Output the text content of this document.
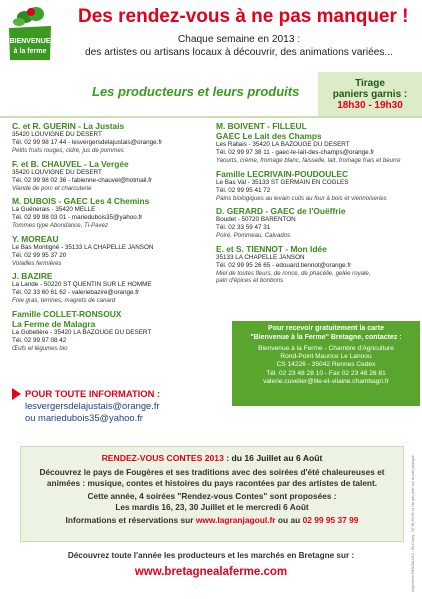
BIENVENUE
à la ferme
Des rendez-vous à ne pas manquer !
Chaque semaine en 2013 :
des artistes ou artisans locaux à découvrir, des animations variées...
Les producteurs et leurs produits
Tirage
paniers garnis :
18h30 - 19h30
C. et R. GUERIN - La Justais
35420 LOUVIGNE DU DESERT
Tél. 02 99 98 17 44 - lesvergersdelajustais@orange.fr
Petits fruits rouges, cidre, jus de pommes
F. et B. CHAUVEL - La Vergée
35420 LOUVIGNE DU DESERT
Tél. 02 99 98 02 36 - fabienne-chauvel@hotmail.fr
Viande de porc et charcuterie
M. DUBOIS - GAEC Les 4 Chemins
La Guénerais - 35420 MELLE
Tél. 02 99 98 03 01 - mariedubois35@yahoo.fr
Tommes type Abondance, Ti-Pavez
Y. MOREAU
Le Bas Montigné - 35133 LA CHAPELLE JANSON
Tél. 02 99 95 37 20
Volailles fermières
J. BAZIRE
La Lande - 50220 ST QUENTIN SUR LE HOMME
Tél. 02 33 60 61 62 - valeriebazire@orange.fr
Foie gras, terrines, magrets de canard
Famille COLLET-RONSOUX
La Ferme de Malagra
La Gobetière - 35420 LA BAZOUGE DU DESERT
Tél. 02 99 97 08 42
Œufs et légumes bio
M. BOIVENT - FILLEUL
GAEC Le Lait des Champs
Les Rallais - 35420 LA BAZOUGE DU DESERT
Tél. 02 99 97 38 11 - gaec-le-lait-des-champs@orange.fr
Yaourts, crème, fromage blanc, faisselle, lait, fromage frais et beurre
Famille LECRIVAIN-POUDOULEC
Le Bas Val - 35133 ST GERMAIN EN COGLES
Tél. 02 99 95 41 72
Pains biologiques au levain cuits au four à bois et viennoiseries
D. GERARD - GAEC de l'Ouëffrie
Boudet - 50720 BARENTON
Tél. 02 33 59 47 31
Poiré, Pommeau, Calvados
E. et S. TIENNOT - Mon Idée
35133 LA CHAPELLE JANSON
Tél. 02 99 95 26 65 - edouard.tiennot@orange.fr
Miel de toutes fleurs, de ronce, de phacélie, gelée royale,
pain d'épices et bonbons
Pour recevoir gratuitement la carte
"Bienvenue à la Ferme" Bretagne, contactez :
Bienvenue à la Ferme - Chambre d'Agriculture
Rond-Point Maurice Le Lannou
CS 14226 - 35042 Rennes Cedex
Tél. 02 23 48 28 10 - Fax 02 23 48 26 81
valerie.cuvelier@ille-et-vilaine.chambagri.fr
POUR TOUTE INFORMATION :
lesvergersdelajustais@orange.fr
ou mariedubois35@yahoo.fr
RENDEZ-VOUS CONTES 2013 : du 16 Juillet au 6 Août
Découvrez le pays de Fougères et ses traditions avec des soirées d'été chaleureuses et animées : musique, contes et histoires du pays racontées par des artistes de talent.
Cette année, 4 soirées "Rendez-vous Contes" sont proposées :
Les mardis 16, 23, 30 Juillet et le mercredi 6 Août
Informations et réservations sur www.lagranjagoul.fr ou au 02 99 95 37 99
Découvrez toute l'année les producteurs et les marchés en Bretagne sur :
www.bretagnealaferme.com	Imprimerie DESSALLES - 50 Ducey - 02 96 25 66 44 Ne pas jeter sur la voie publique
